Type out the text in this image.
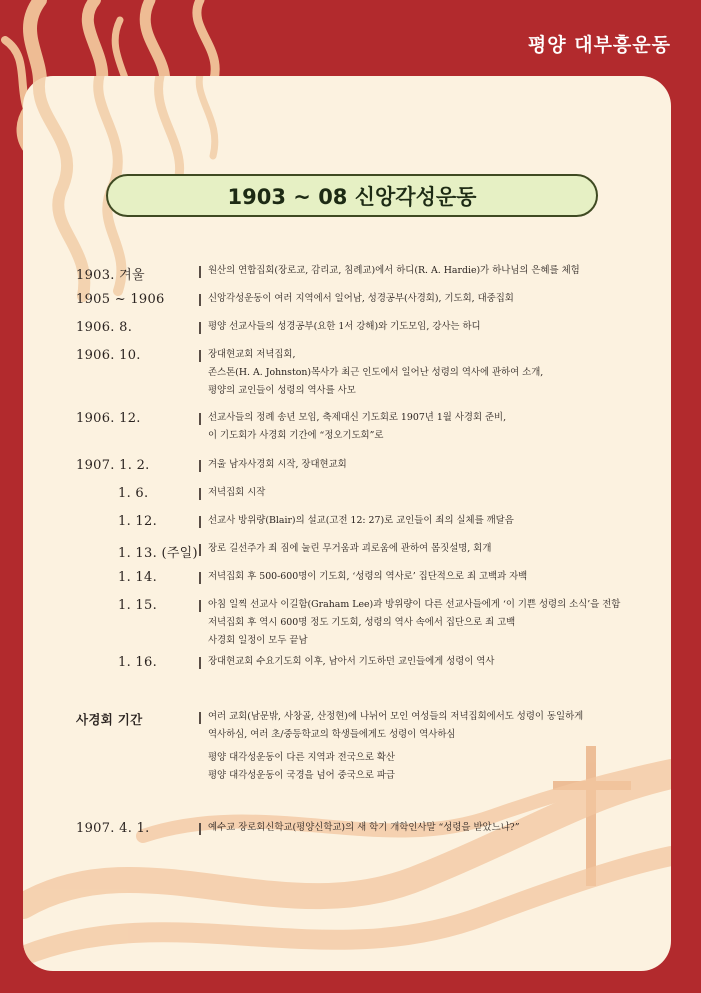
평양 대부흥운동
1903 ~ 08 신앙각성운동
1903. 겨울	원산의 연합집회(장로교, 감리교, 침례교)에서 하디(R. A. Hardie)가 하나님의 은혜를 체험
1905 ~ 1906	신앙각성운동이 여러 지역에서 일어남, 성경공부(사경회), 기도회, 대중집회
1906. 8.	평양 선교사들의 성경공부(요한 1서 강해)와 기도모임, 강사는 하디
1906. 10.	장대현교회 저녁집회,
존스톤(H. A. Johnston)목사가 최근 인도에서 일어난 성령의 역사에 관하여 소개,
평양의 교인들이 성령의 역사를 사모
1906. 12.	선교사들의 정례 송년 모임, 축제대신 기도회로 1907년 1월 사경회 준비,
이 기도회가 사경회 기간에 “정오기도회”로
1907. 1. 2.	겨울 남자사경회 시작, 장대현교회
1. 6.	저녁집회 시작
1. 12.	선교사 방위량(Blair)의 설교(고전 12: 27)로 교인들이 죄의 실체를 깨달음
1. 13. (주일) 장로 길선주가 죄 짐에 눌린 무거움과 괴로움에 관하여 몸짓설명, 회개
1. 14.	저녁집회 후 500-600명이 기도회, ‘성령의 역사로’ 집단적으로 죄 고백과 자백
1. 15.	아침 일찍 선교사 이길함(Graham Lee)과 방위량이 다른 선교사들에게 ‘이 기쁜 성령의 소식’을 전함
저녁집회 후 역시 600명 정도 기도회, 성령의 역사 속에서 집단으로 죄 고백
사경회 일정이 모두 끝남
1. 16.	장대현교회 수요기도회 이후, 남아서 기도하던 교인들에게 성령이 역사
사경회 기간	여러 교회(남문밖, 사창골, 산정현)에 나뉘어 모인 여성들의 저녁집회에서도 성령이 동일하게
역사하심, 여러 초/중등학교의 학생들에게도 성령이 역사하심
평양 대각성운동이 다른 지역과 전국으로 확산
평양 대각성운동이 국경을 넘어 중국으로 파급
1907. 4. 1.	예수교 장로회신학교(평양신학교)의 새 학기 개학인사말 “성령을 받았느냐?”
